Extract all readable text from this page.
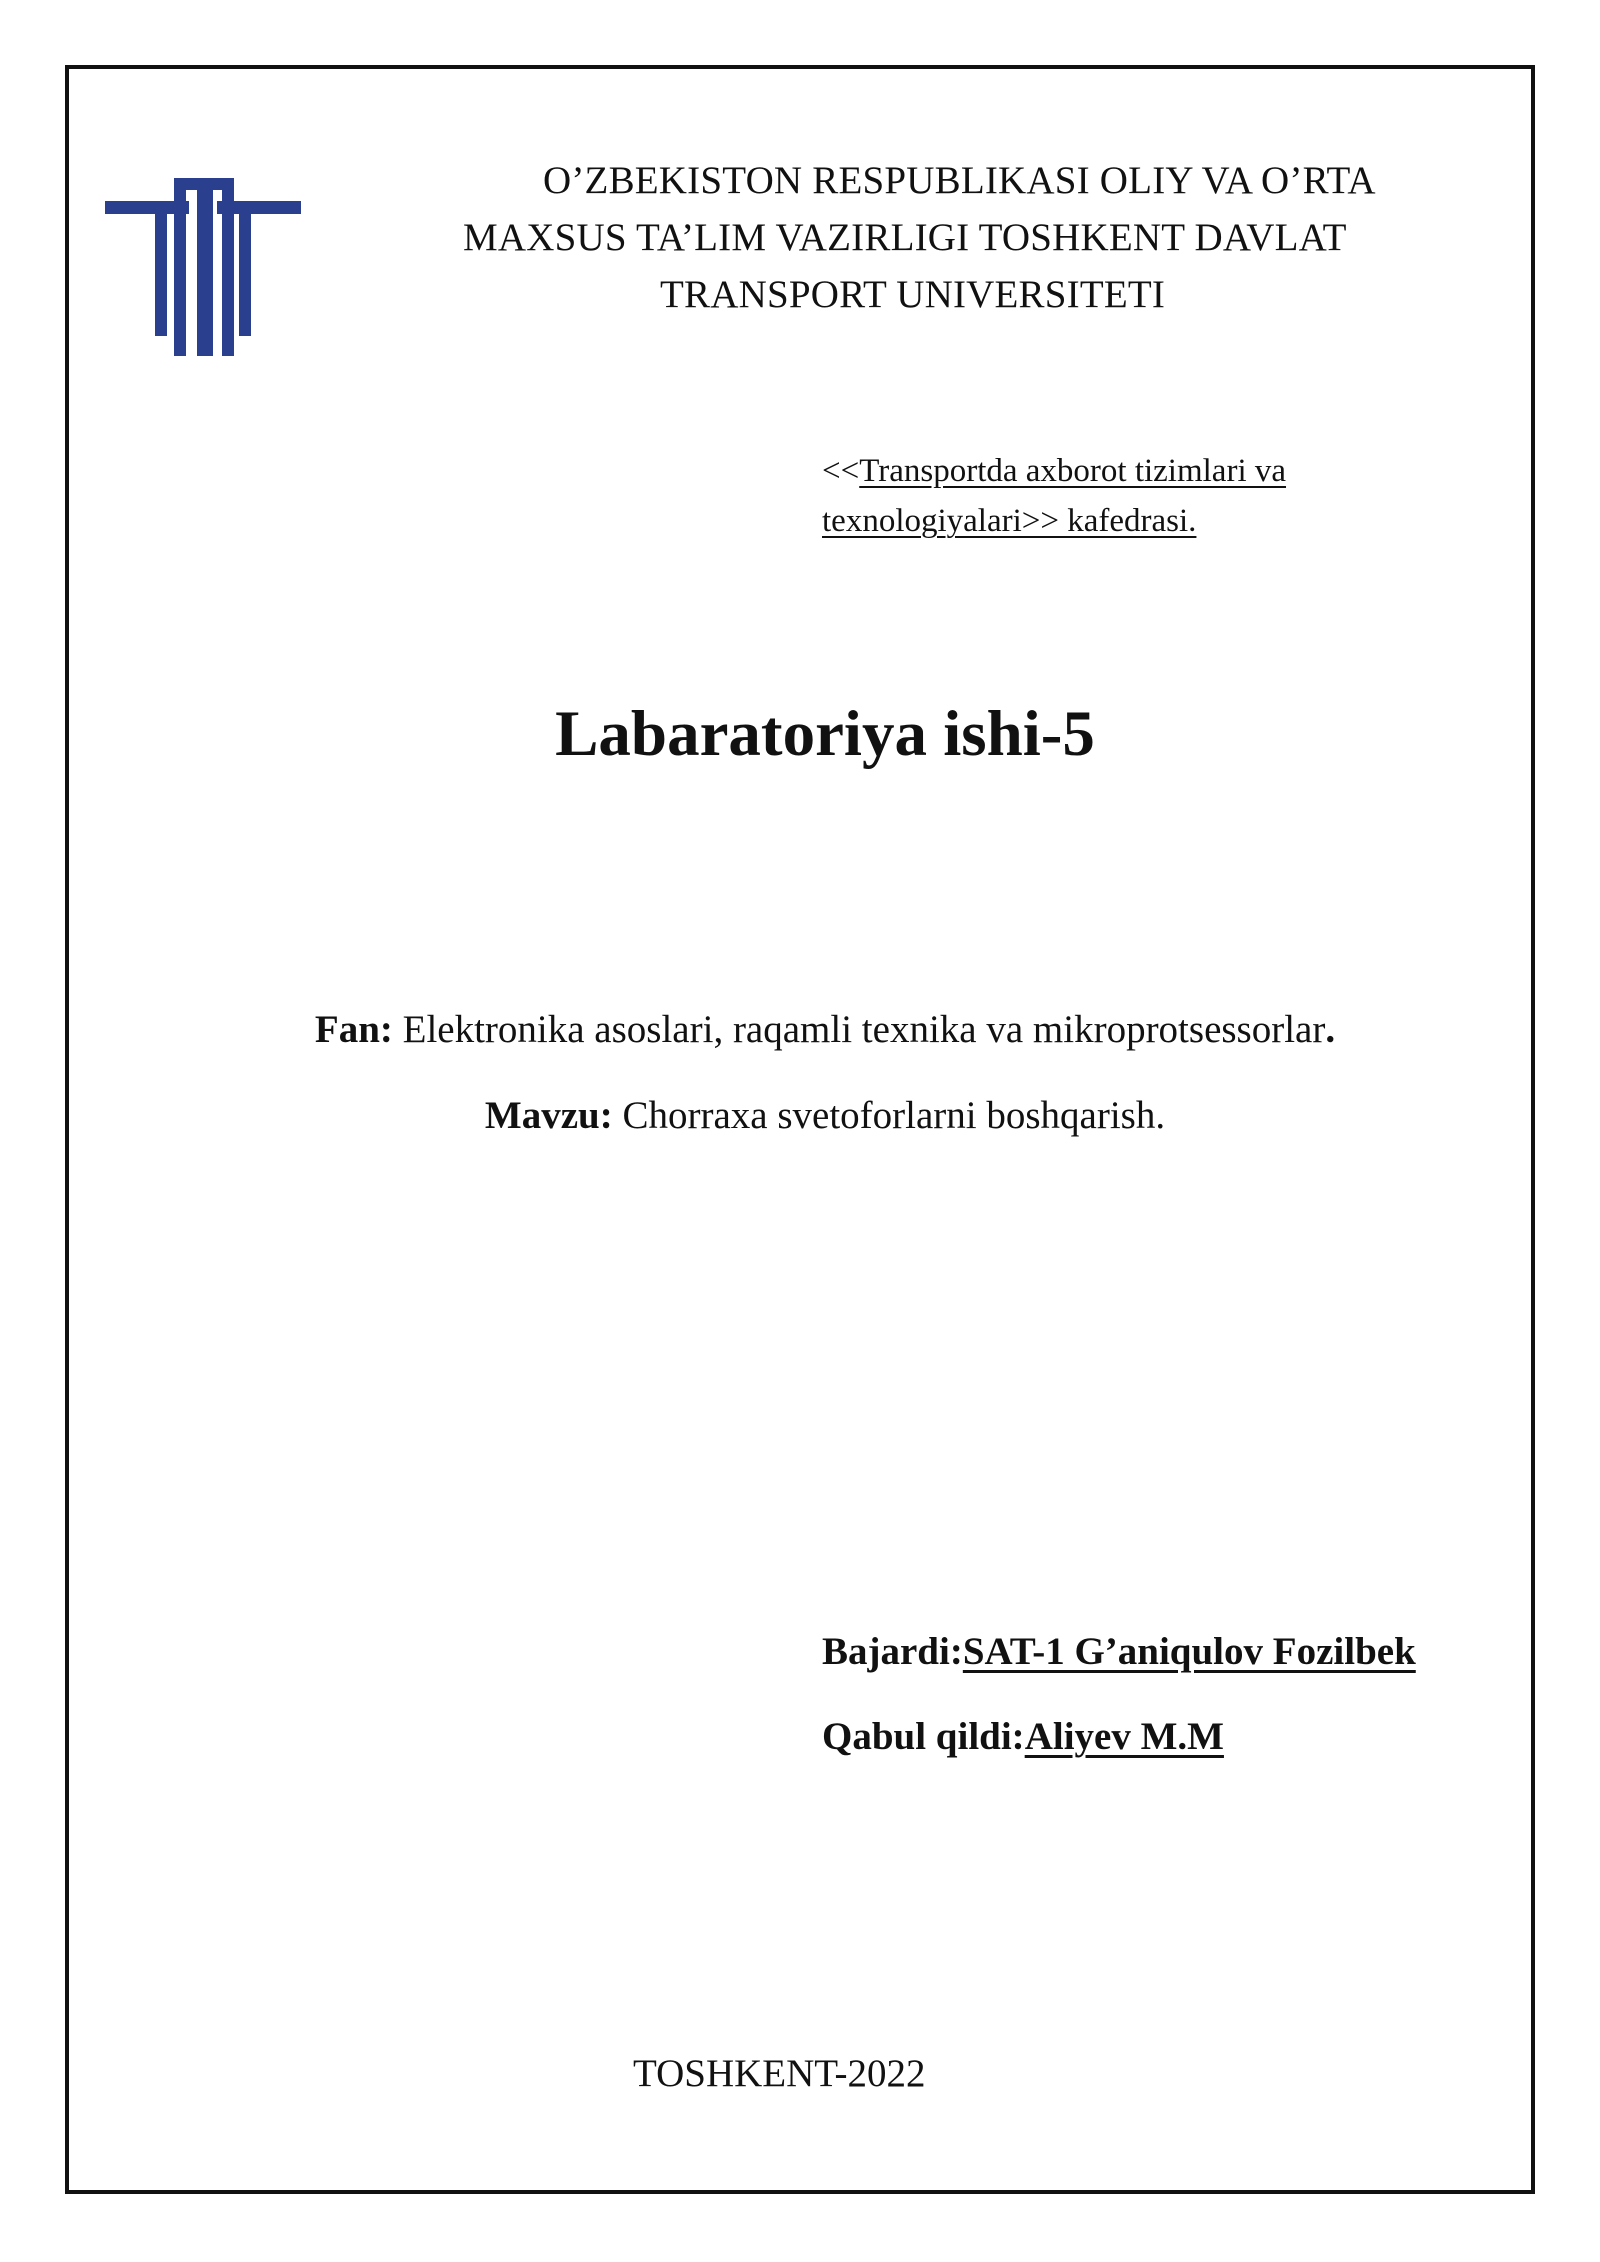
O’ZBEKISTON RESPUBLIKASI OLIY VA O’RTA
MAXSUS TA’LIM VAZIRLIGI TOSHKENT DAVLAT
TRANSPORT UNIVERSITETI
<<Transportda axborot tizimlari va
texnologiyalari>> kafedrasi.
Labaratoriya ishi-5
Fan: Elektronika asoslari, raqamli texnika va mikroprotsessorlar.
Mavzu: Chorraxa svetoforlarni boshqarish.
Bajardi:SAT-1 G’aniqulov Fozilbek
Qabul qildi:Aliyev M.M
TOSHKENT-2022
